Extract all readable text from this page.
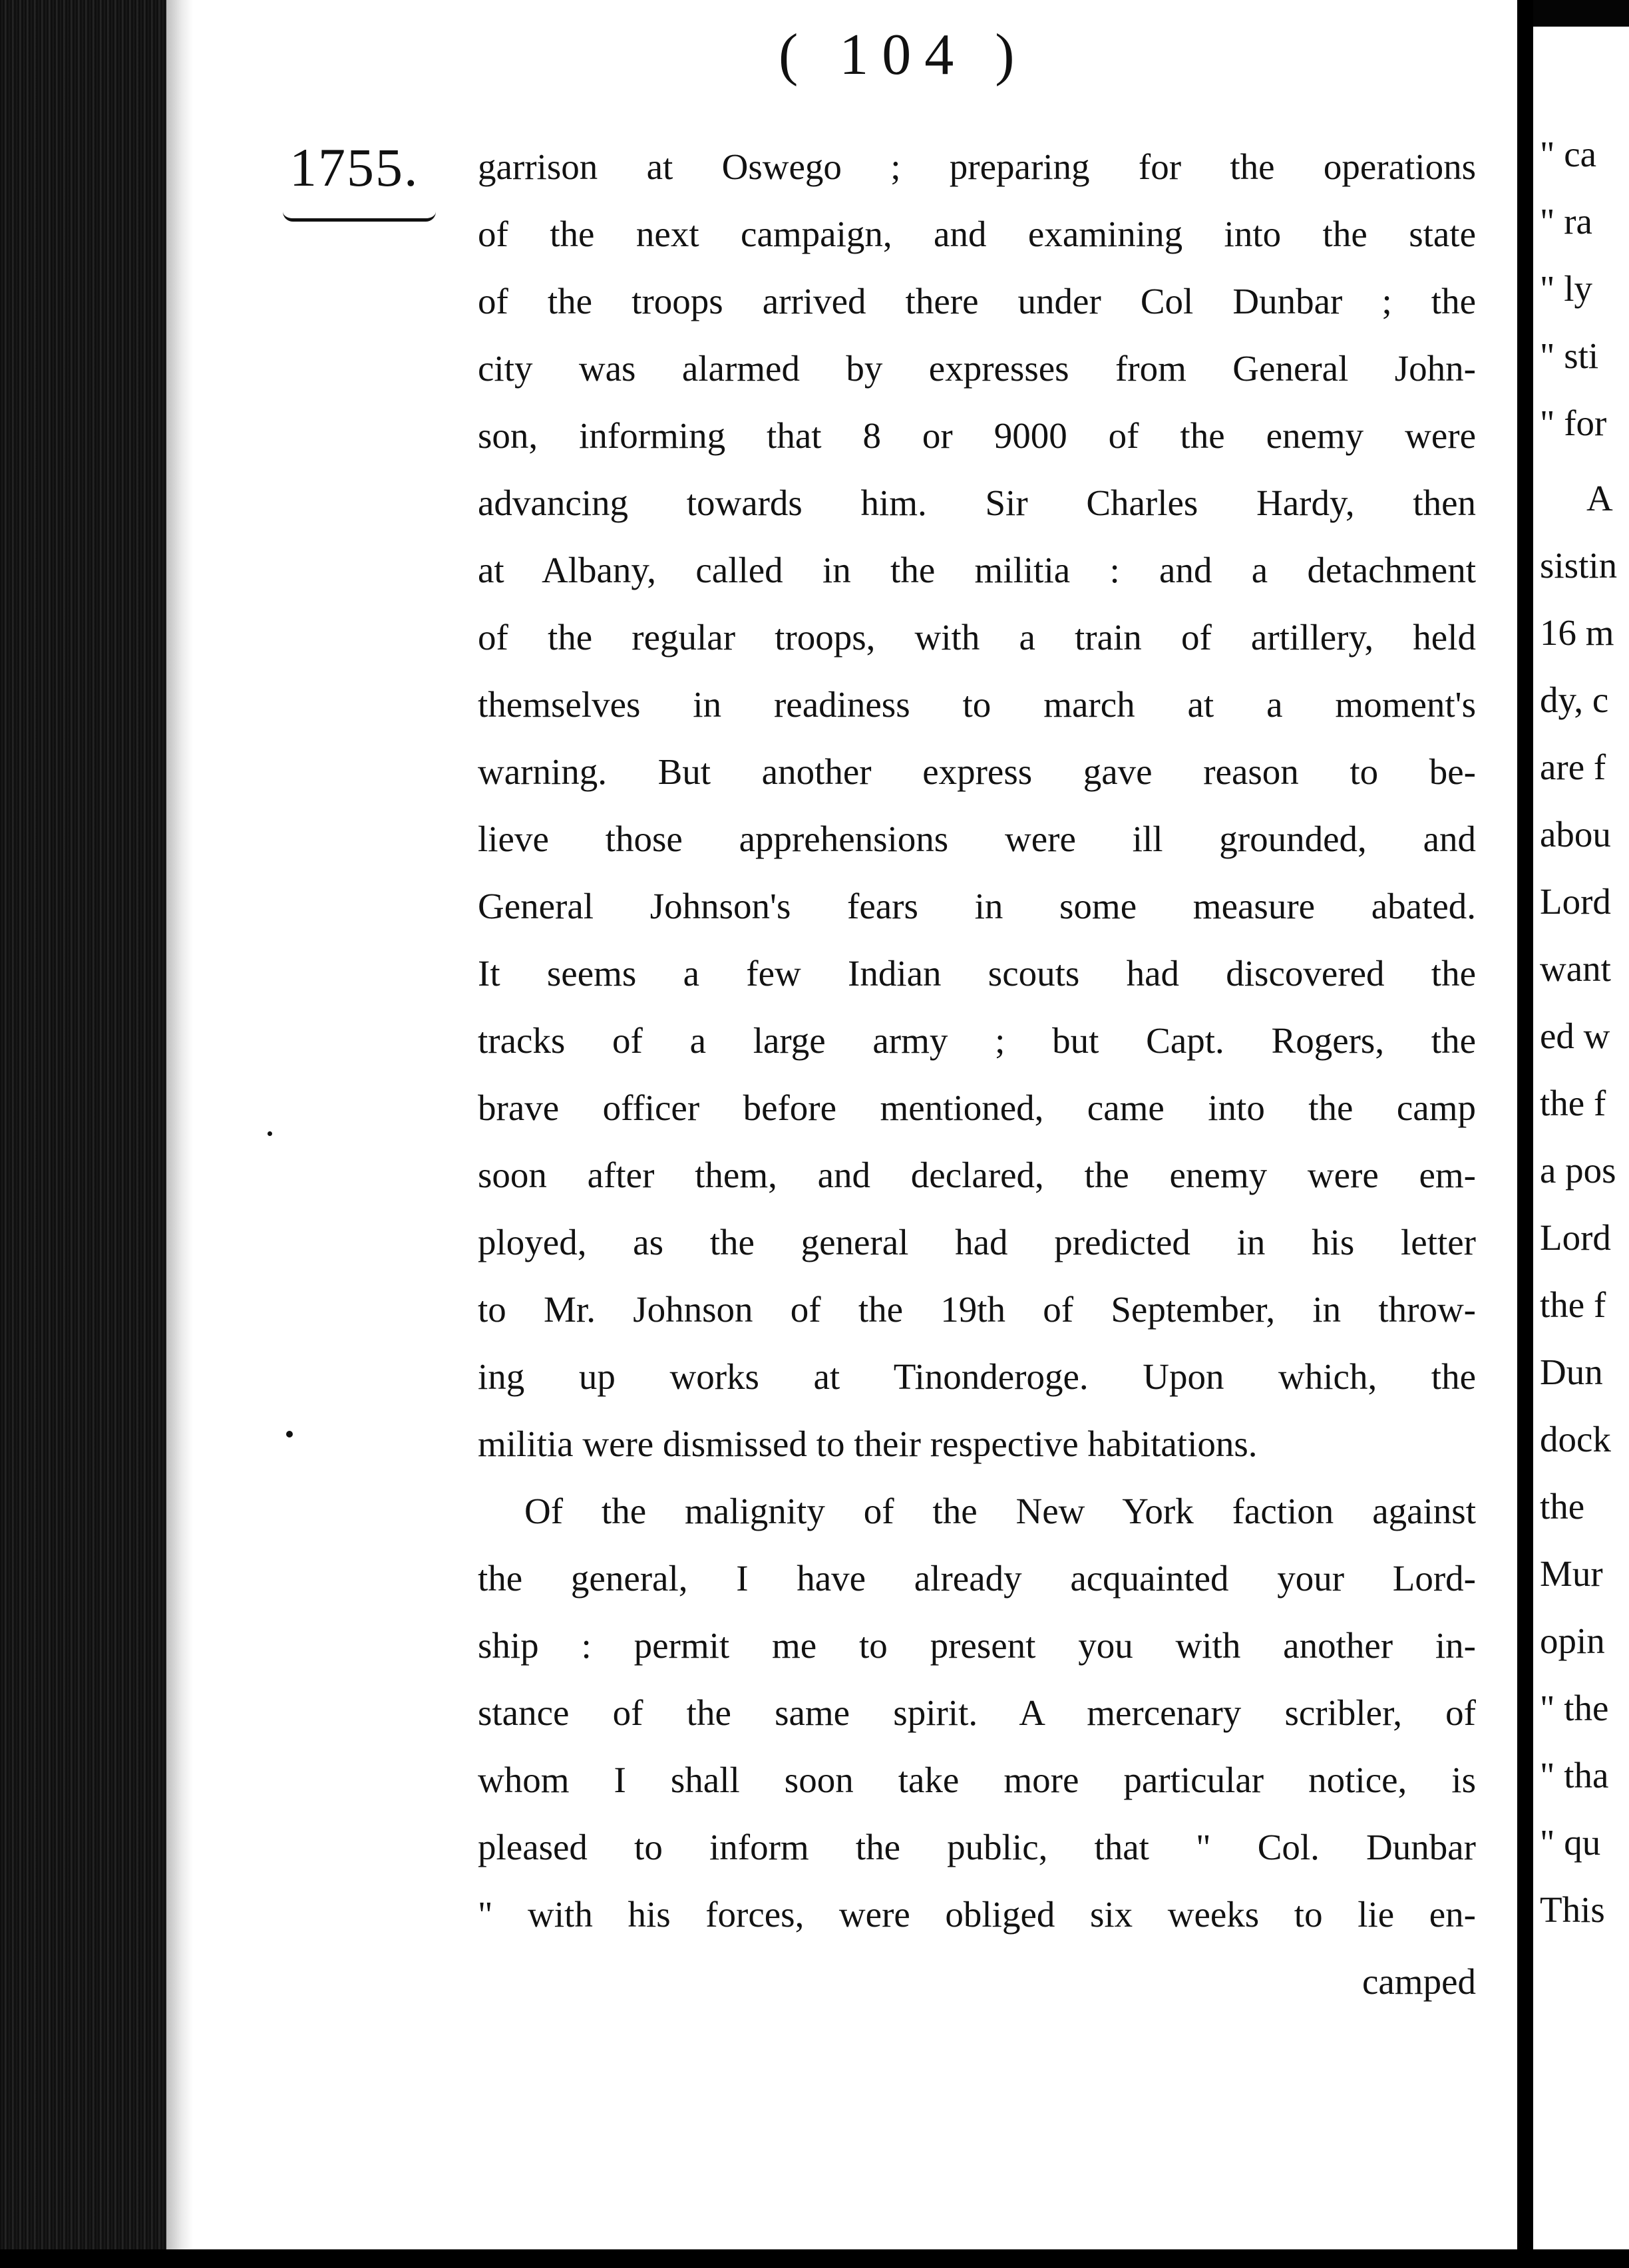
( 104 )
1755. garrison at Oswego ; preparing for the operations
of the next campaign, and examining into the state
of the troops arrived there under Col Dunbar ; the
city was alarmed by expresses from General John-
son, informing that 8 or 9000 of the enemy were
advancing towards him. Sir Charles Hardy, then
at Albany, called in the militia : and a detachment
of the regular troops, with a train of artillery, held
themselves in readiness to march at a moment's
warning. But another express gave reason to be-
lieve those apprehensions were ill grounded, and
General Johnson's fears in some measure abated.
It seems a few Indian scouts had discovered the
tracks of a large army ; but Capt. Rogers, the
brave officer before mentioned, came into the camp
soon after them, and declared, the enemy were em-
ployed, as the general had predicted in his letter
to Mr. Johnson of the 19th of September, in throw-
ing up works at Tinonderoge. Upon which, the
militia were dismissed to their respective habitations.
Of the malignity of the New York faction against
the general, I have already acquainted your Lord-
ship : permit me to present you with another in-
stance of the same spirit. A mercenary scribler, of
whom I shall soon take more particular notice, is
pleased to inform the public, that " Col. Dunbar
" with his forces, were obliged six weeks to lie en-
camped
" ca
" ra
" ly
" sti
" for
A
sistin
16 m
dy, c
are f
abou
Lord
want
ed w
the f
a pos
Lord
the f
Dun
dock
the
Mur
opin
" the
" tha
" qu
This
